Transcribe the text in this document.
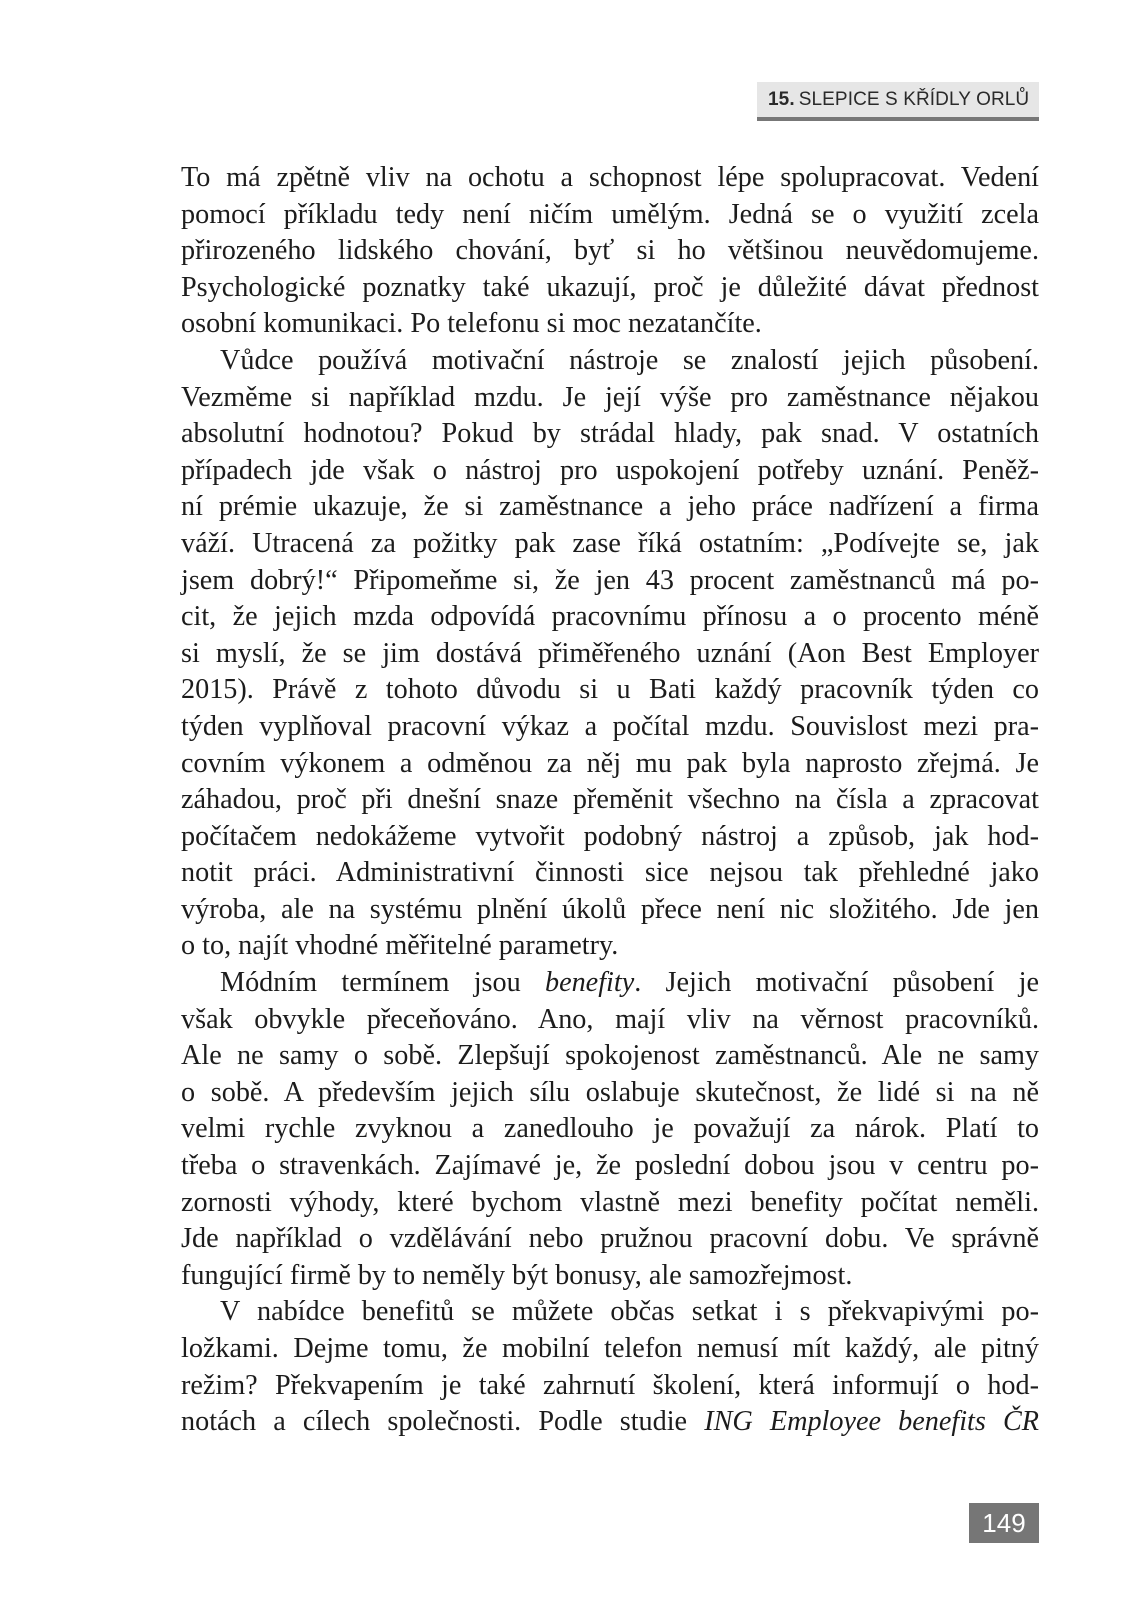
15. SLEPICE S KŘÍDLY ORLŮ

To má zpětně vliv na ochotu a schopnost lépe spolupracovat. Vedení
pomocí příkladu tedy není ničím umělým. Jedná se o využití zcela
přirozeného lidského chování, byť si ho většinou neuvědomujeme.
Psychologické poznatky také ukazují, proč je důležité dávat přednost
osobní komunikaci. Po telefonu si moc nezatančíte.

Vůdce používá motivační nástroje se znalostí jejich působení.
Vezměme si například mzdu. Je její výše pro zaměstnance nějakou
absolutní hodnotou? Pokud by strádal hlady, pak snad. V ostatních
případech jde však o nástroj pro uspokojení potřeby uznání. Peněž-
ní prémie ukazuje, že si zaměstnance a jeho práce nadřízení a firma
váží. Utracená za požitky pak zase říká ostatním: „Podívejte se, jak
jsem dobrý!“ Připomeňme si, že jen 43 procent zaměstnanců má po-
cit, že jejich mzda odpovídá pracovnímu přínosu a o procento méně
si myslí, že se jim dostává přiměřeného uznání (Aon Best Employer
2015). Právě z tohoto důvodu si u Bati každý pracovník týden co
týden vyplňoval pracovní výkaz a počítal mzdu. Souvislost mezi pra-
covním výkonem a odměnou za něj mu pak byla naprosto zřejmá. Je
záhadou, proč při dnešní snaze přeměnit všechno na čísla a zpracovat
počítačem nedokážeme vytvořit podobný nástroj a způsob, jak hod-
notit práci. Administrativní činnosti sice nejsou tak přehledné jako
výroba, ale na systému plnění úkolů přece není nic složitého. Jde jen
o to, najít vhodné měřitelné parametry.

Módním termínem jsou benefity. Jejich motivační působení je
však obvykle přeceňováno. Ano, mají vliv na věrnost pracovníků.
Ale ne samy o sobě. Zlepšují spokojenost zaměstnanců. Ale ne samy
o sobě. A především jejich sílu oslabuje skutečnost, že lidé si na ně
velmi rychle zvyknou a zanedlouho je považují za nárok. Platí to
třeba o stravenkách. Zajímavé je, že poslední dobou jsou v centru po-
zornosti výhody, které bychom vlastně mezi benefity počítat neměli.
Jde například o vzdělávání nebo pružnou pracovní dobu. Ve správně
fungující firmě by to neměly být bonusy, ale samozřejmost.

V nabídce benefitů se můžete občas setkat i s překvapivými po-
ložkami. Dejme tomu, že mobilní telefon nemusí mít každý, ale pitný
režim? Překvapením je také zahrnutí školení, která informují o hod-
notách a cílech společnosti. Podle studie ING Employee benefits ČR

149
